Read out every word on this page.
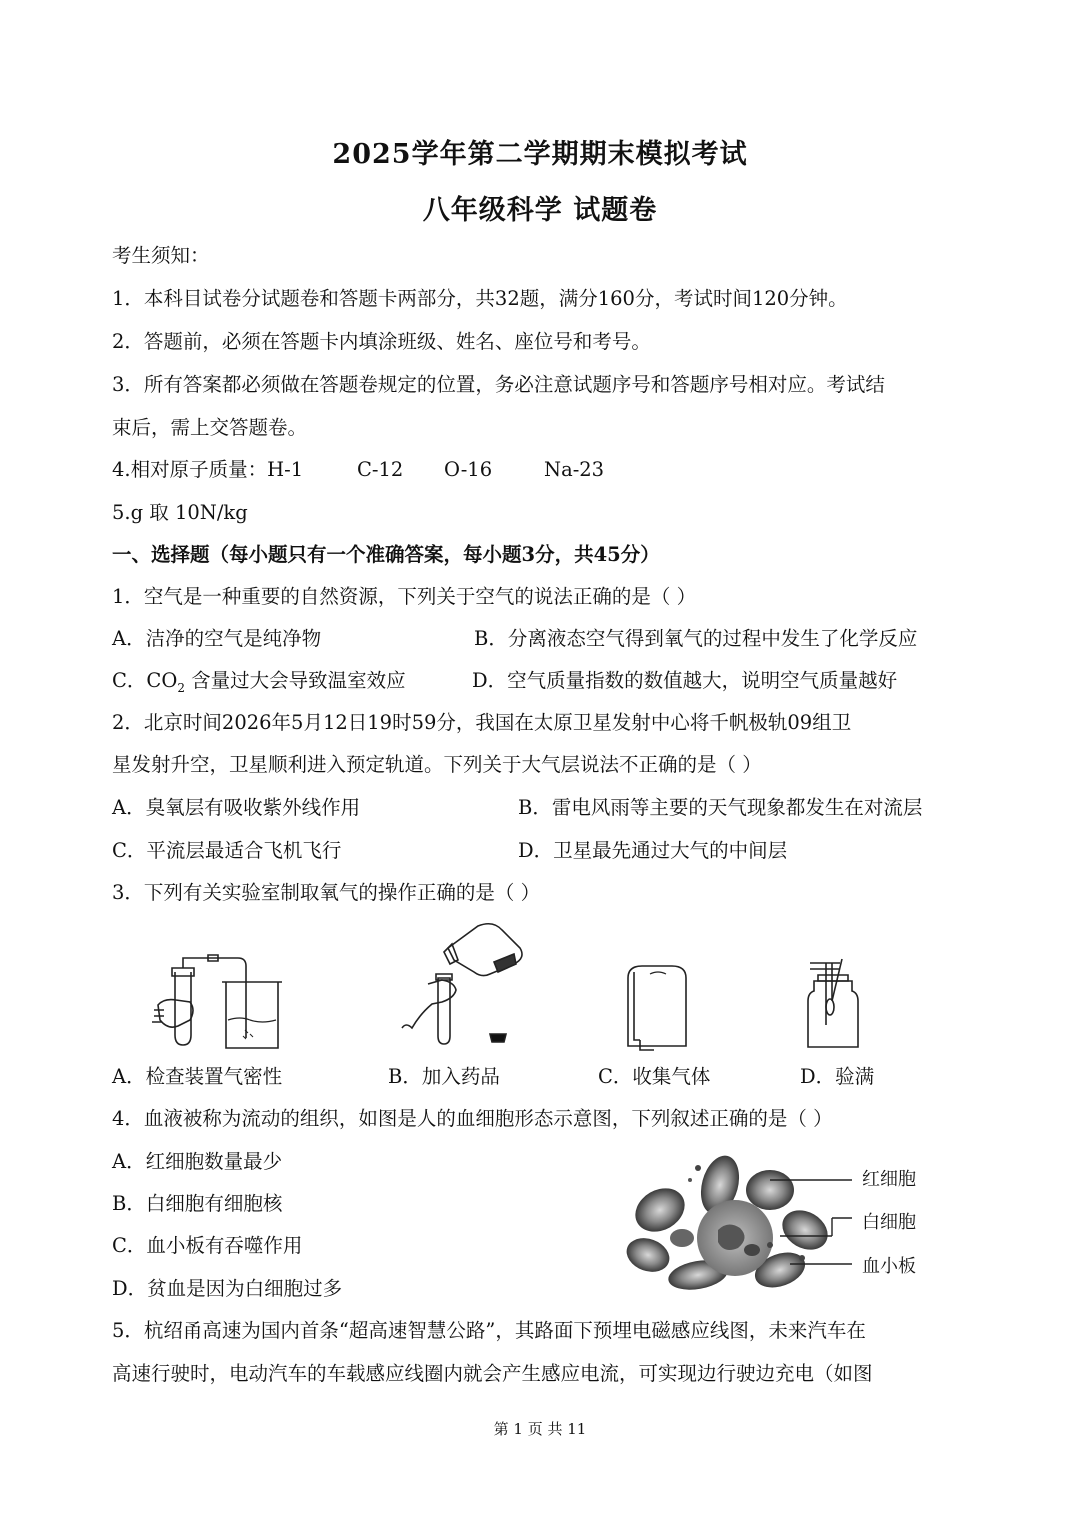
2025学年第二学期期末模拟考试
八年级科学 试题卷
考生须知：
1．本科目试卷分试题卷和答题卡两部分，共32题，满分160分，考试时间120分钟。
2．答题前，必须在答题卡内填涂班级、姓名、座位号和考号。
3．所有答案都必须做在答题卷规定的位置，务必注意试题序号和答题序号相对应。考试结
束后，需上交答题卷。
4.相对原子质量：H-1	C-12 O-16	Na-23
5.g 取 10N/kg
一、选择题（每小题只有一个准确答案，每小题3分，共45分）
1．空气是一种重要的自然资源，下列关于空气的说法正确的是（ ）
A．洁净的空气是纯净物	B．分离液态空气得到氧气的过程中发生了化学反应
C．$CO_2$ 含量过大会导致温室效应	D．空气质量指数的数值越大，说明空气质量越好
2．北京时间2026年5月12日19时59分，我国在太原卫星发射中心将千帆极轨09组卫
星发射升空，卫星顺利进入预定轨道。下列关于大气层说法不正确的是（ ）
A．臭氧层有吸收紫外线作用	B．雷电风雨等主要的天气现象都发生在对流层
C．平流层最适合飞机飞行	D．卫星最先通过大气的中间层
3．下列有关实验室制取氧气的操作正确的是（ ）
A．检查装置气密性	B．加入药品	C．收集气体	D．验满
4．血液被称为流动的组织，如图是人的血细胞形态示意图，下列叙述正确的是（ ）
A．红细胞数量最少
B．白细胞有细胞核
C．血小板有吞噬作用
D．贫血是因为白细胞过多
红细胞
白细胞
血小板
5．杭绍甬高速为国内首条“超高速智慧公路”，其路面下预埋电磁感应线图，未来汽车在
高速行驶时，电动汽车的车载感应线圈内就会产生感应电流，可实现边行驶边充电（如图
第 1 页 共 11
